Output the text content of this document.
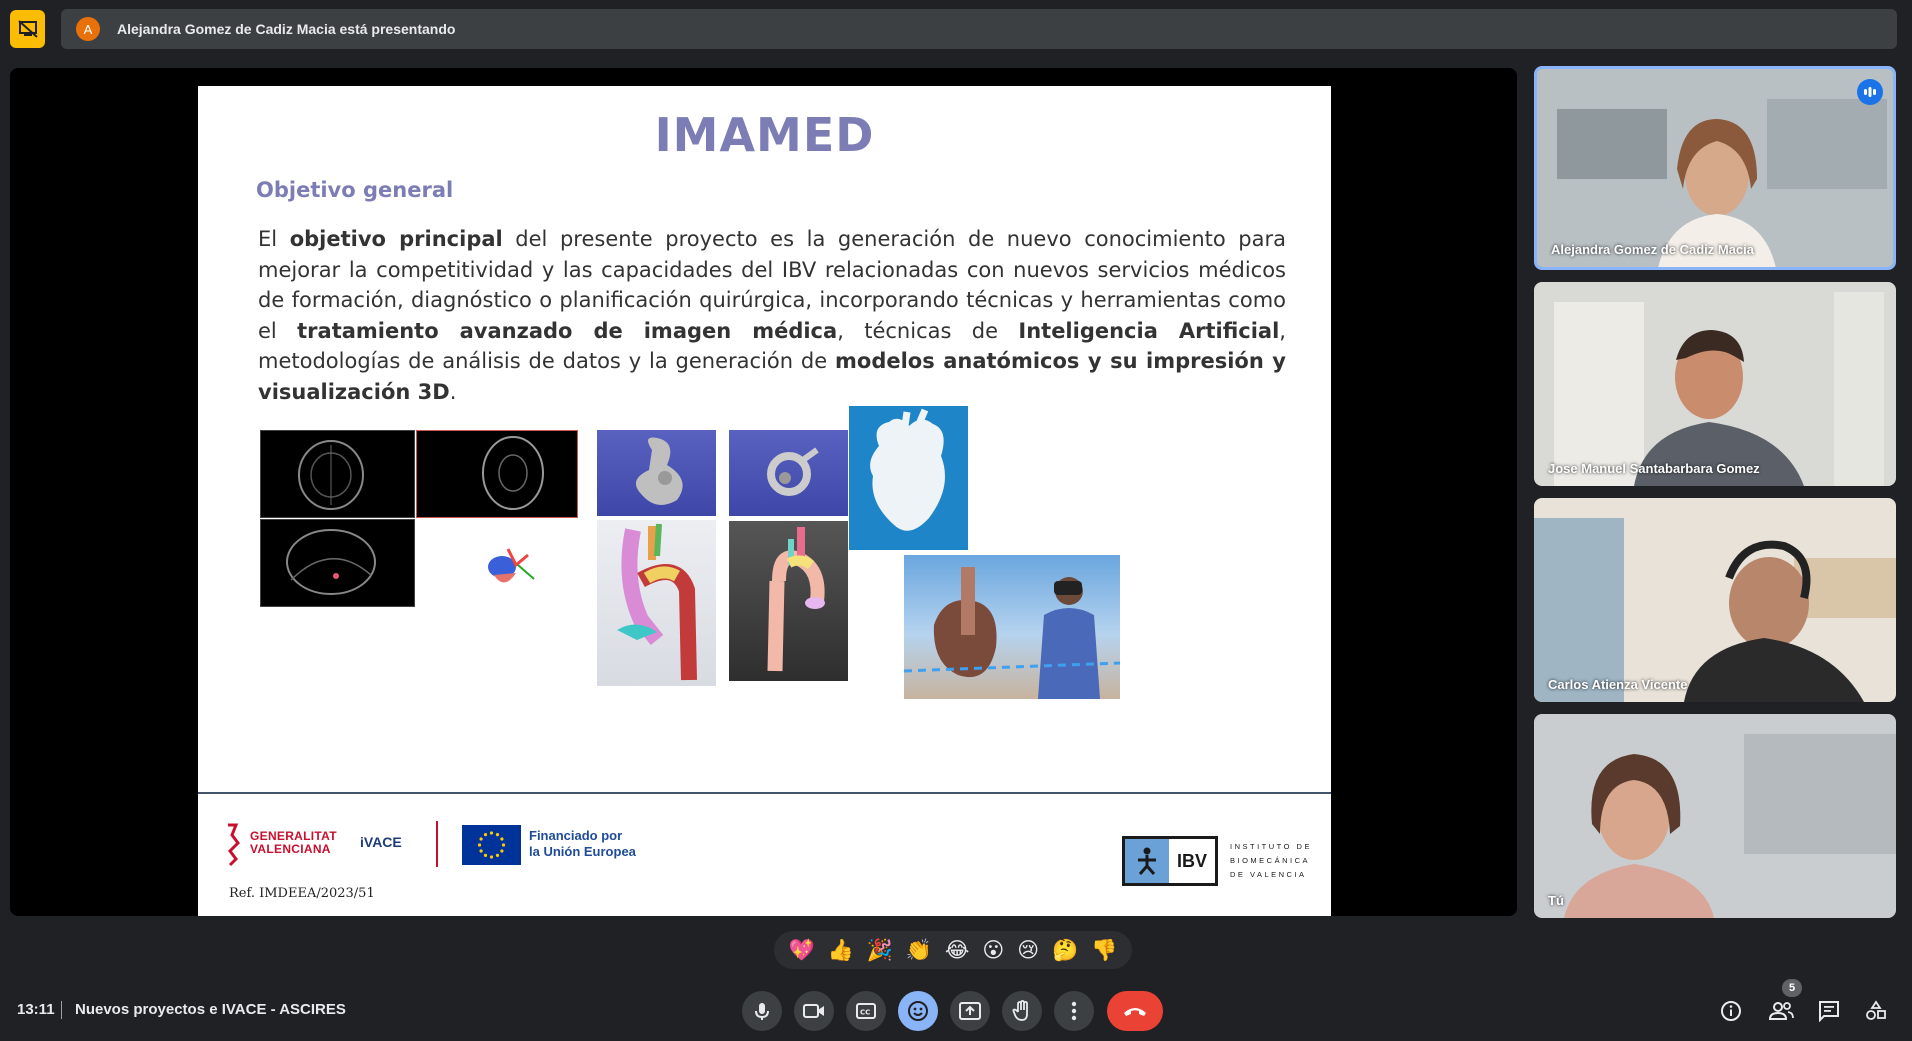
A	Alejandra Gomez de Cadiz Macia está presentando
IMAMED
Objetivo general
El objetivo principal del presente proyecto es la generación de nuevo conocimiento para mejorar la competitividad y las capacidades del IBV relacionadas con nuevos servicios médicos de formación, diagnóstico o planificación quirúrgica, incorporando técnicas y herramientas como el tratamiento avanzado de imagen médica, técnicas de Inteligencia Artificial, metodologías de análisis de datos y la generación de modelos anatómicos y su impresión y visualización 3D.
GENERALITAT
VALENCIANA	iVACE	Financiado por
la Unión Europea
Ref. IMDEEA/2023/51
IBV
INSTITUTO DE
BIOMECÁNICA
DE VALENCIA
Alejandra Gomez de Cadiz Macia
Jose Manuel Santabarbara Gomez
Carlos Atienza Vicente
Tú
💖 👍 🎉 👏 😂 😮 😢 🤔 👎
13:11 Nuevos proyectos e IVACE - ASCIRES	CC
5
